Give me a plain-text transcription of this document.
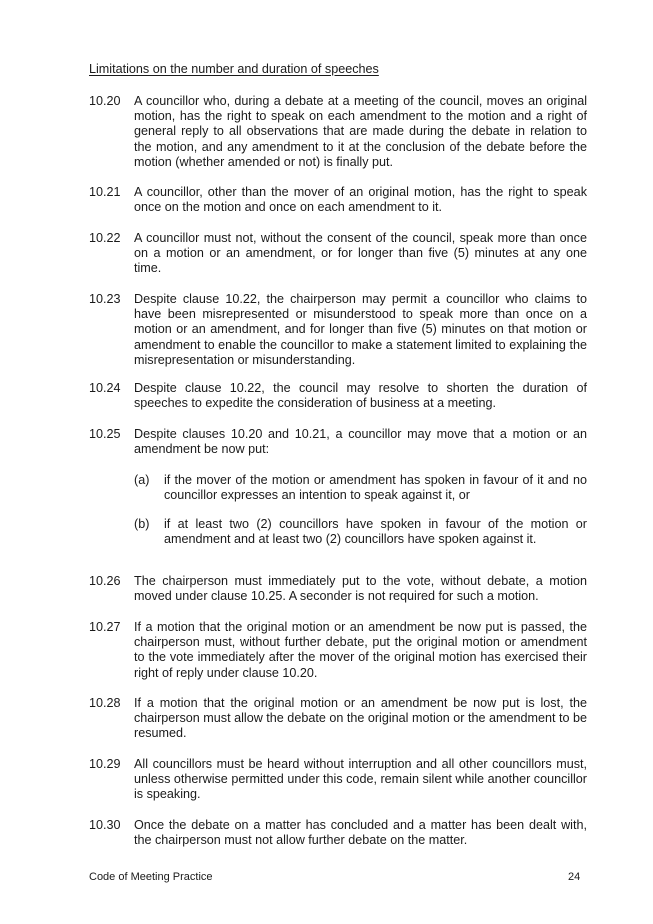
Limitations on the number and duration of speeches
10.20 A councillor who, during a debate at a meeting of the council, moves an original motion, has the right to speak on each amendment to the motion and a right of general reply to all observations that are made during the debate in relation to the motion, and any amendment to it at the conclusion of the debate before the motion (whether amended or not) is finally put.
10.21 A councillor, other than the mover of an original motion, has the right to speak once on the motion and once on each amendment to it.
10.22 A councillor must not, without the consent of the council, speak more than once on a motion or an amendment, or for longer than five (5) minutes at any one time.
10.23 Despite clause 10.22, the chairperson may permit a councillor who claims to have been misrepresented or misunderstood to speak more than once on a motion or an amendment, and for longer than five (5) minutes on that motion or amendment to enable the councillor to make a statement limited to explaining the misrepresentation or misunderstanding.
10.24 Despite clause 10.22, the council may resolve to shorten the duration of speeches to expedite the consideration of business at a meeting.
10.25 Despite clauses 10.20 and 10.21, a councillor may move that a motion or an amendment be now put:
(a) if the mover of the motion or amendment has spoken in favour of it and no councillor expresses an intention to speak against it, or
(b) if at least two (2) councillors have spoken in favour of the motion or amendment and at least two (2) councillors have spoken against it.
10.26 The chairperson must immediately put to the vote, without debate, a motion moved under clause 10.25. A seconder is not required for such a motion.
10.27 If a motion that the original motion or an amendment be now put is passed, the chairperson must, without further debate, put the original motion or amendment to the vote immediately after the mover of the original motion has exercised their right of reply under clause 10.20.
10.28 If a motion that the original motion or an amendment be now put is lost, the chairperson must allow the debate on the original motion or the amendment to be resumed.
10.29 All councillors must be heard without interruption and all other councillors must, unless otherwise permitted under this code, remain silent while another councillor is speaking.
10.30 Once the debate on a matter has concluded and a matter has been dealt with, the chairperson must not allow further debate on the matter.
Code of Meeting Practice	24
